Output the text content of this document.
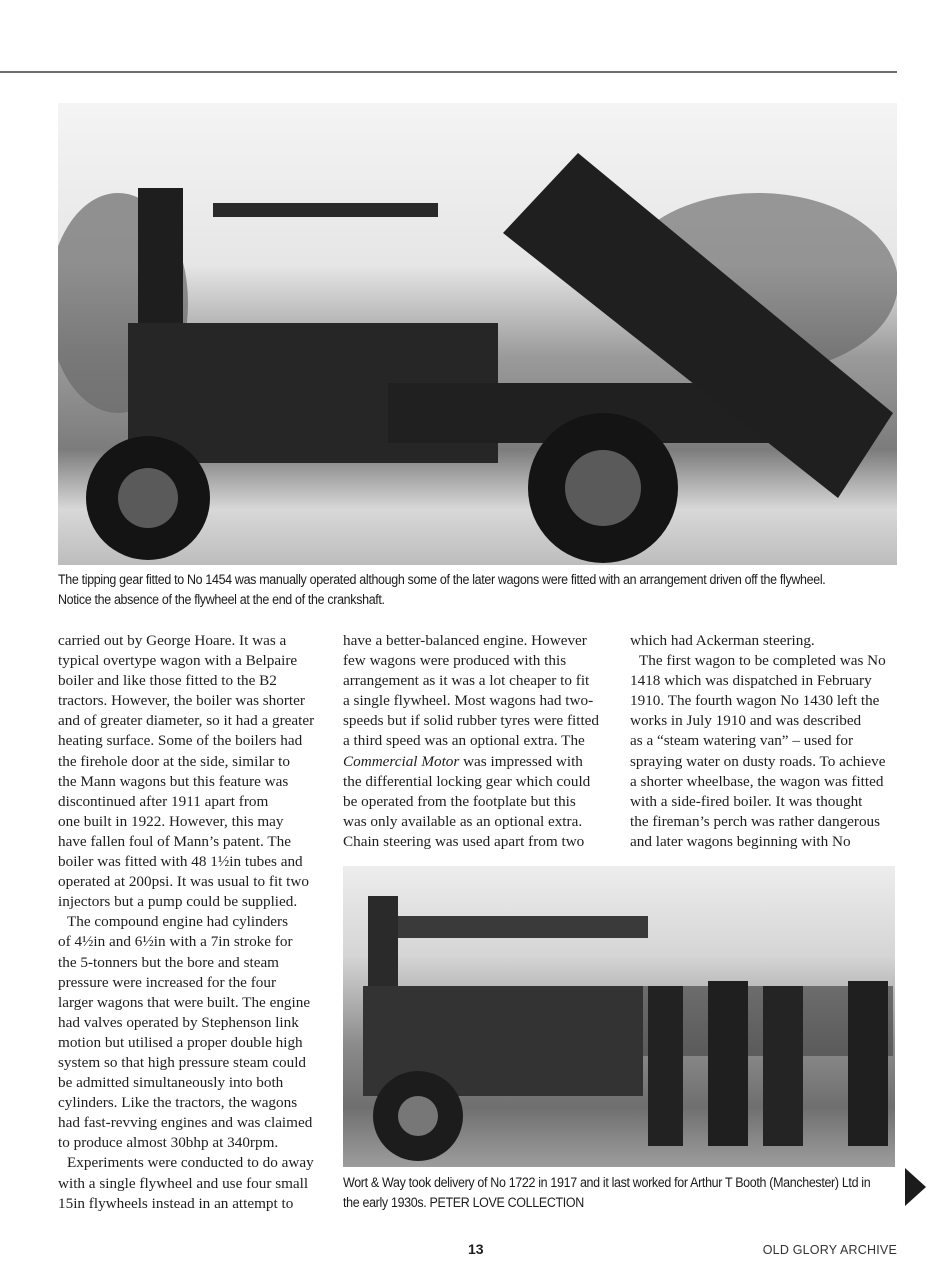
The tipping gear fitted to No 1454 was manually operated although some of the later wagons were fitted with an arrangement driven off the flywheel.
Notice the absence of the flywheel at the end of the crankshaft.
carried out by George Hoare. It was a
typical overtype wagon with a Belpaire
boiler and like those fitted to the B2
tractors. However, the boiler was shorter
and of greater diameter, so it had a greater
heating surface. Some of the boilers had
the firehole door at the side, similar to
the Mann wagons but this feature was
discontinued after 1911 apart from
one built in 1922. However, this may
have fallen foul of Mann’s patent. The
boiler was fitted with 48 1½in tubes and
operated at 200psi. It was usual to fit two
injectors but a pump could be supplied.
The compound engine had cylinders
of 4½in and 6½in with a 7in stroke for
the 5-tonners but the bore and steam
pressure were increased for the four
larger wagons that were built. The engine
had valves operated by Stephenson link
motion but utilised a proper double high
system so that high pressure steam could
be admitted simultaneously into both
cylinders. Like the tractors, the wagons
had fast-revving engines and was claimed
to produce almost 30bhp at 340rpm.
Experiments were conducted to do away
with a single flywheel and use four small
15in flywheels instead in an attempt to
have a better-balanced engine. However
few wagons were produced with this
arrangement as it was a lot cheaper to fit
a single flywheel. Most wagons had two-
speeds but if solid rubber tyres were fitted
a third speed was an optional extra. The
Commercial Motor was impressed with
the differential locking gear which could
be operated from the footplate but this
was only available as an optional extra.
Chain steering was used apart from two
which had Ackerman steering.
The first wagon to be completed was No
1418 which was dispatched in February
1910. The fourth wagon No 1430 left the
works in July 1910 and was described
as a “steam watering van” – used for
spraying water on dusty roads. To achieve
a shorter wheelbase, the wagon was fitted
with a side-fired boiler. It was thought
the fireman’s perch was rather dangerous
and later wagons beginning with No
Wort & Way took delivery of No 1722 in 1917 and it last worked for Arthur T Booth (Manchester) Ltd in
the early 1930s. PETER LOVE COLLECTION
13	OLD GLORY ARCHIVE
